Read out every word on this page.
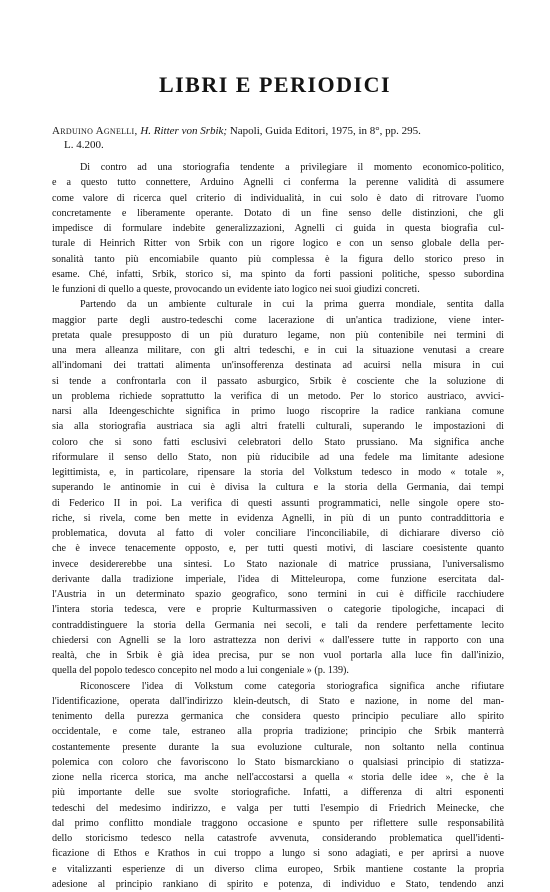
LIBRI E PERIODICI
Arduino Agnelli, H. Ritter von Srbik; Napoli, Guida Editori, 1975, in 8°, pp. 295.
L. 4.200.
Di contro ad una storiografia tendente a privilegiare il momento economico-politico,
e a questo tutto connettere, Arduino Agnelli ci conferma la perenne validità di assumere
come valore di ricerca quel criterio di individualità, in cui solo è dato di ritrovare l'uomo
concretamente e liberamente operante. Dotato di un fine senso delle distinzioni, che gli
impedisce di formulare indebite generalizzazioni, Agnelli ci guida in questa biografia cul-
turale di Heinrich Ritter von Srbik con un rigore logico e con un senso globale della per-
sonalità tanto più encomiabile quanto più complessa è la figura dello storico preso in
esame. Ché, infatti, Srbik, storico si, ma spinto da forti passioni politiche, spesso subordina
le funzioni di quello a queste, provocando un evidente iato logico nei suoi giudizi concreti.
Partendo da un ambiente culturale in cui la prima guerra mondiale, sentita dalla
maggior parte degli austro-tedeschi come lacerazione di un'antica tradizione, viene inter-
pretata quale presupposto di un più duraturo legame, non più contenibile nei termini di
una mera alleanza militare, con gli altri tedeschi, e in cui la situazione venutasi a creare
all'indomani dei trattati alimenta un'insofferenza destinata ad acuirsi nella misura in cui
si tende a confrontarla con il passato asburgico, Srbik è cosciente che la soluzione di
un problema richiede soprattutto la verifica di un metodo. Per lo storico austriaco, avvici-
narsi alla Ideengeschichte significa in primo luogo riscoprire la radice rankiana comune
sia alla storiografia austriaca sia agli altri fratelli culturali, superando le impostazioni di
coloro che si sono fatti esclusivi celebratori dello Stato prussiano. Ma significa anche
riformulare il senso dello Stato, non più riducibile ad una fedele ma limitante adesione
legittimista, e, in particolare, ripensare la storia del Volkstum tedesco in modo « totale »,
superando le antinomie in cui è divisa la cultura e la storia della Germania, dai tempi
di Federico II in poi. La verifica di questi assunti programmatici, nelle singole opere sto-
riche, si rivela, come ben mette in evidenza Agnelli, in più di un punto contraddittoria e
problematica, dovuta al fatto di voler conciliare l'inconciliabile, di dichiarare diverso ciò
che è invece tenacemente opposto, e, per tutti questi motivi, di lasciare coesistente quanto
invece desidererebbe una sintesi. Lo Stato nazionale di matrice prussiana, l'universalismo
derivante dalla tradizione imperiale, l'idea di Mitteleuropa, come funzione esercitata dal-
l'Austria in un determinato spazio geografico, sono termini in cui è difficile racchiudere
l'intera storia tedesca, vere e proprie Kulturmassiven o categorie tipologiche, incapaci di
contraddistinguere la storia della Germania nei secoli, e tali da rendere perfettamente lecito
chiedersi con Agnelli se la loro astrattezza non derivi « dall'essere tutte in rapporto con una
realtà, che in Srbik è già idea precisa, pur se non vuol portarla alla luce fin dall'inizio,
quella del popolo tedesco concepito nel modo a lui congeniale » (p. 139).
Riconoscere l'idea di Volkstum come categoria storiografica significa anche rifiutare
l'identificazione, operata dall'indirizzo klein-deutsch, di Stato e nazione, in nome del man-
tenimento della purezza germanica che considera questo principio peculiare allo spirito
occidentale, e come tale, estraneo alla propria tradizione; principio che Srbik manterrà
costantemente presente durante la sua evoluzione culturale, non soltanto nella continua
polemica con coloro che favoriscono lo Stato bismarckiano o qualsiasi principio di statizza-
zione nella ricerca storica, ma anche nell'accostarsi a quella « storia delle idee », che è la
più importante delle sue svolte storiografiche. Infatti, a differenza di altri esponenti
tedeschi del medesimo indirizzo, e valga per tutti l'esempio di Friedrich Meinecke, che
dal primo conflitto mondiale traggono occasione e spunto per riflettere sulle responsabilità
dello storicismo tedesco nella catastrofe avvenuta, considerando problematica quell'identi-
ficazione di Ethos e Krathos in cui troppo a lungo si sono adagiati, e per aprirsi a nuove
e vitalizzanti esperienze di un diverso clima europeo, Srbik mantiene costante la propria
adesione al principio rankiano di spirito e potenza, di individuo e Stato, tendendo anzi
